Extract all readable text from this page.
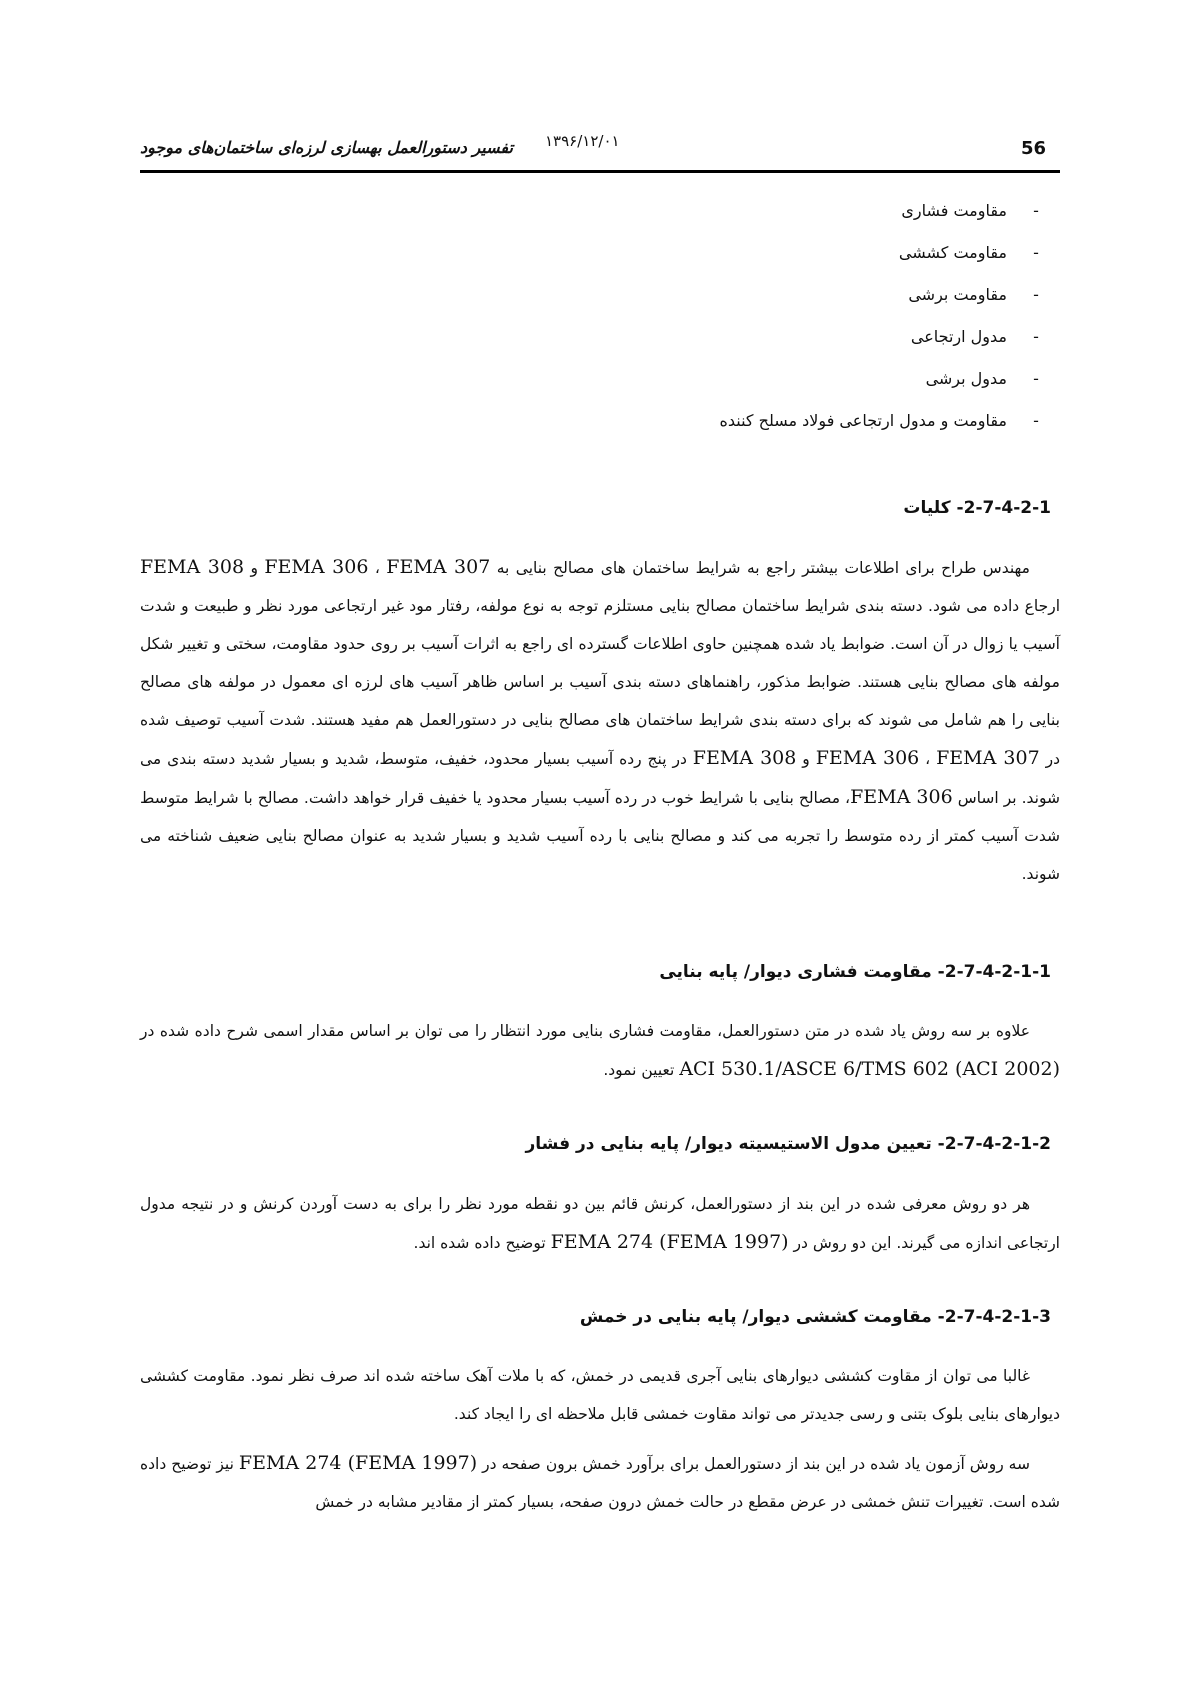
56
۱۳۹۶/۱۲/۰۱
تفسیر دستورالعمل بهسازی لرزه‌ای ساختمان‌های موجود
-مقاومت فشاری
-مقاومت کششی
-مقاومت برشی
-مدول ارتجاعی
-مدول برشی
-مقاومت و مدول ارتجاعی فولاد مسلح کننده
2-7-4-2-1- کلیات

مهندس طراح برای اطلاعات بیشتر راجع به شرایط ساختمان های مصالح بنایی به FEMA 306 ، FEMA 307 و FEMA 308 ارجاع داده می شود. دسته بندی شرایط ساختمان مصالح بنایی مستلزم توجه به نوع مولفه، رفتار مود غیر ارتجاعی مورد نظر و طبیعت و شدت آسیب یا زوال در آن است. ضوابط یاد شده همچنین حاوی اطلاعات گسترده ای راجع به اثرات آسیب بر روی حدود مقاومت، سختی و تغییر شکل مولفه های مصالح بنایی هستند. ضوابط مذکور، راهنماهای دسته بندی آسیب بر اساس ظاهر آسیب های لرزه ای معمول در مولفه های مصالح بنایی را هم شامل می شوند که برای دسته بندی شرایط ساختمان های مصالح بنایی در دستورالعمل هم مفید هستند. شدت آسیب توصیف شده در FEMA 306 ، FEMA 307 و FEMA 308 در پنج رده آسیب بسیار محدود، خفیف، متوسط، شدید و بسیار شدید دسته بندی می شوند. بر اساس FEMA 306، مصالح بنایی با شرایط خوب در رده آسیب بسیار محدود یا خفیف قرار خواهد داشت. مصالح با شرایط متوسط شدت آسیب کمتر از رده متوسط را تجربه می کند و مصالح بنایی با رده آسیب شدید و بسیار شدید به عنوان مصالح بنایی ضعیف شناخته می شوند.

2-7-4-2-1-1- مقاومت فشاری دیوار/ پایه بنایی

علاوه بر سه روش یاد شده در متن دستورالعمل، مقاومت فشاری بنایی مورد انتظار را می توان بر اساس مقدار اسمی شرح داده شده در ACI 530.1/ASCE 6/TMS 602 (ACI 2002) تعیین نمود.

2-7-4-2-1-2- تعیین مدول الاستیسیته دیوار/ پایه بنایی در فشار

هر دو روش معرفی شده در این بند از دستورالعمل، کرنش قائم بین دو نقطه مورد نظر را برای به دست آوردن کرنش و در نتیجه مدول ارتجاعی اندازه می گیرند. این دو روش در FEMA 274 (FEMA 1997) توضیح داده شده اند.

2-7-4-2-1-3- مقاومت کششی دیوار/ پایه بنایی در خمش

غالبا می توان از مقاوت کششی دیوارهای بنایی آجری قدیمی در خمش، که با ملات آهک ساخته شده اند صرف نظر نمود. مقاومت کششی دیوارهای بنایی بلوک بتنی و رسی جدیدتر می تواند مقاوت خمشی قابل ملاحظه ای را ایجاد کند.

سه روش آزمون یاد شده در این بند از دستورالعمل برای برآورد خمش برون صفحه در FEMA 274 (FEMA 1997) نیز توضیح داده شده است. تغییرات تنش خمشی در عرض مقطع در حالت خمش درون صفحه، بسیار کمتر از مقادیر مشابه در خمش
